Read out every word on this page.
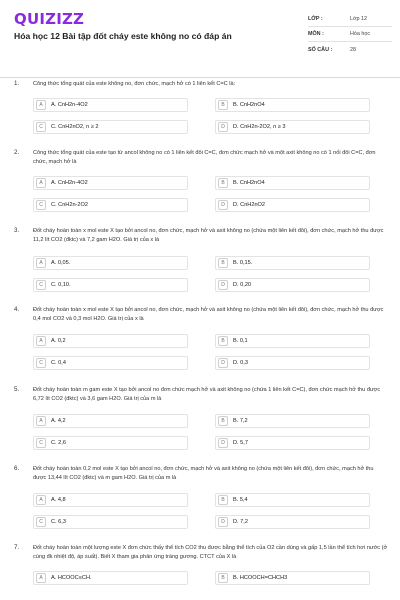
QUIZIZZ
Hóa học 12 Bài tập đốt cháy este không no có đáp án
LỚP :	Lớp 12
MÔN :	Hóa học
SỐ CÂU :	28
1. Công thức tổng quát của este không no, đơn chức, mạch hở có 1 liên kết C=C là:
A	A. CnH2n-4O2	B	B. CnH2nO4
C	C. CnH2nO2, n ≥ 2	D	D. CnH2n-2O2, n ≥ 3
2. Công thức tổng quát của este tạo từ ancol không no có 1 liên kết đôi C=C, đơn chức mạch hở và một axit không no có 1 nối đôi C=C, đơn chức, mạch hở là
A	A. CnH2n-4O2	B	B. CnH2nO4
C	C. CnH2n-2O2	D	D. CnH2nO2
3. Đốt cháy hoàn toàn x mol este X tạo bởi ancol no, đơn chức, mạch hở và axit không no (chứa một liên kết đôi), đơn chức, mạch hở thu được 11,2 lít CO2 (đktc) và 7,2 gam H2O. Giá trị của x là
A	A. 0,05.	B	B. 0,15.
C	C. 0,10.	D	D. 0,20
4. Đốt cháy hoàn toàn x mol este X tạo bởi ancol no, đơn chức, mạch hở và axit không no (chứa một liên kết đôi), đơn chức, mạch hở thu được 0,4 mol CO2 và 0,3 mol H2O. Giá trị của x là
A	A. 0,2	B	B. 0,1
C	C. 0,4	D	D. 0,3
5. Đốt cháy hoàn toàn m gam este X tạo bởi ancol no đơn chức mạch hở và axit không no (chứa 1 liên kết C=C), đơn chức mạch hở thu được 6,72 lít CO2 (đktc) và 3,6 gam H2O. Giá trị của m là
A	A. 4,2	B	B. 7,2
C	C. 2,6	D	D. 5,7
6. Đốt cháy hoàn toàn 0,2 mol este X tạo bởi ancol no, đơn chức, mạch hở và axit không no (chứa một liên kết đôi), đơn chức, mạch hở thu được 13,44 lít CO2 (đktc) và m gam H2O. Giá trị của m là
A	A. 4,8	B	B. 5,4
C	C. 6,3	D	D. 7,2
7. Đốt cháy hoàn toàn một lượng este X đơn chức thấy thể tích CO2 thu được bằng thể tích của O2 cần dùng và gấp 1,5 lần thể tích hơi nước (ở cùng đk nhiệt độ, áp suất). Biết X tham gia phản ứng tráng gương. CTCT của X là
A	A. HCOOC≡CH.	B	B. HCOOCH=CHCH3
